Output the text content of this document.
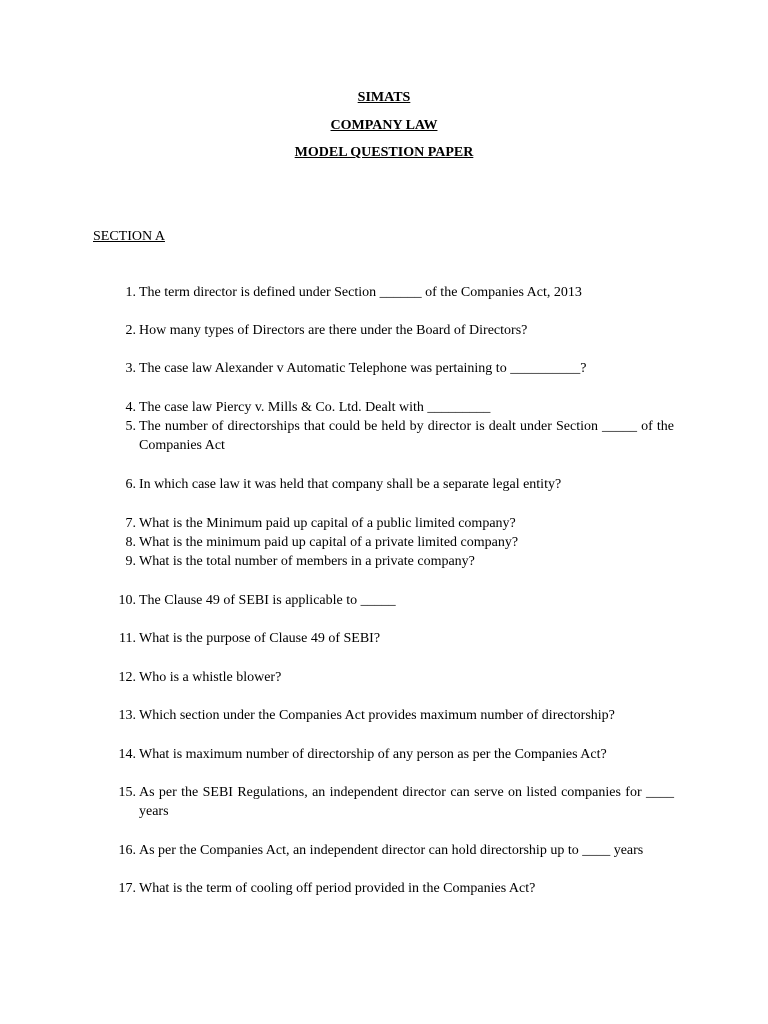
SIMATS
COMPANY LAW
MODEL QUESTION PAPER
SECTION A
1. The term director is defined under Section ______ of the Companies Act, 2013
2. How many types of Directors are there under the Board of Directors?
3. The case law Alexander v Automatic Telephone was pertaining to __________?
4. The case law Piercy v. Mills & Co. Ltd. Dealt with _________
5. The number of directorships that could be held by director is dealt under Section _____ of the Companies Act
6. In which case law it was held that company shall be a separate legal entity?
7. What is the Minimum paid up capital of a public limited company?
8. What is the minimum paid up capital of a private limited company?
9. What is the total number of members in a private company?
10. The Clause 49 of SEBI is applicable to _____
11. What is the purpose of Clause 49 of SEBI?
12. Who is a whistle blower?
13. Which section under the Companies Act provides maximum number of directorship?
14. What is maximum number of directorship of any person as per the Companies Act?
15. As per the SEBI Regulations, an independent director can serve on listed companies for ____ years
16. As per the Companies Act, an independent director can hold directorship up to ____ years
17. What is the term of cooling off period provided in the Companies Act?
